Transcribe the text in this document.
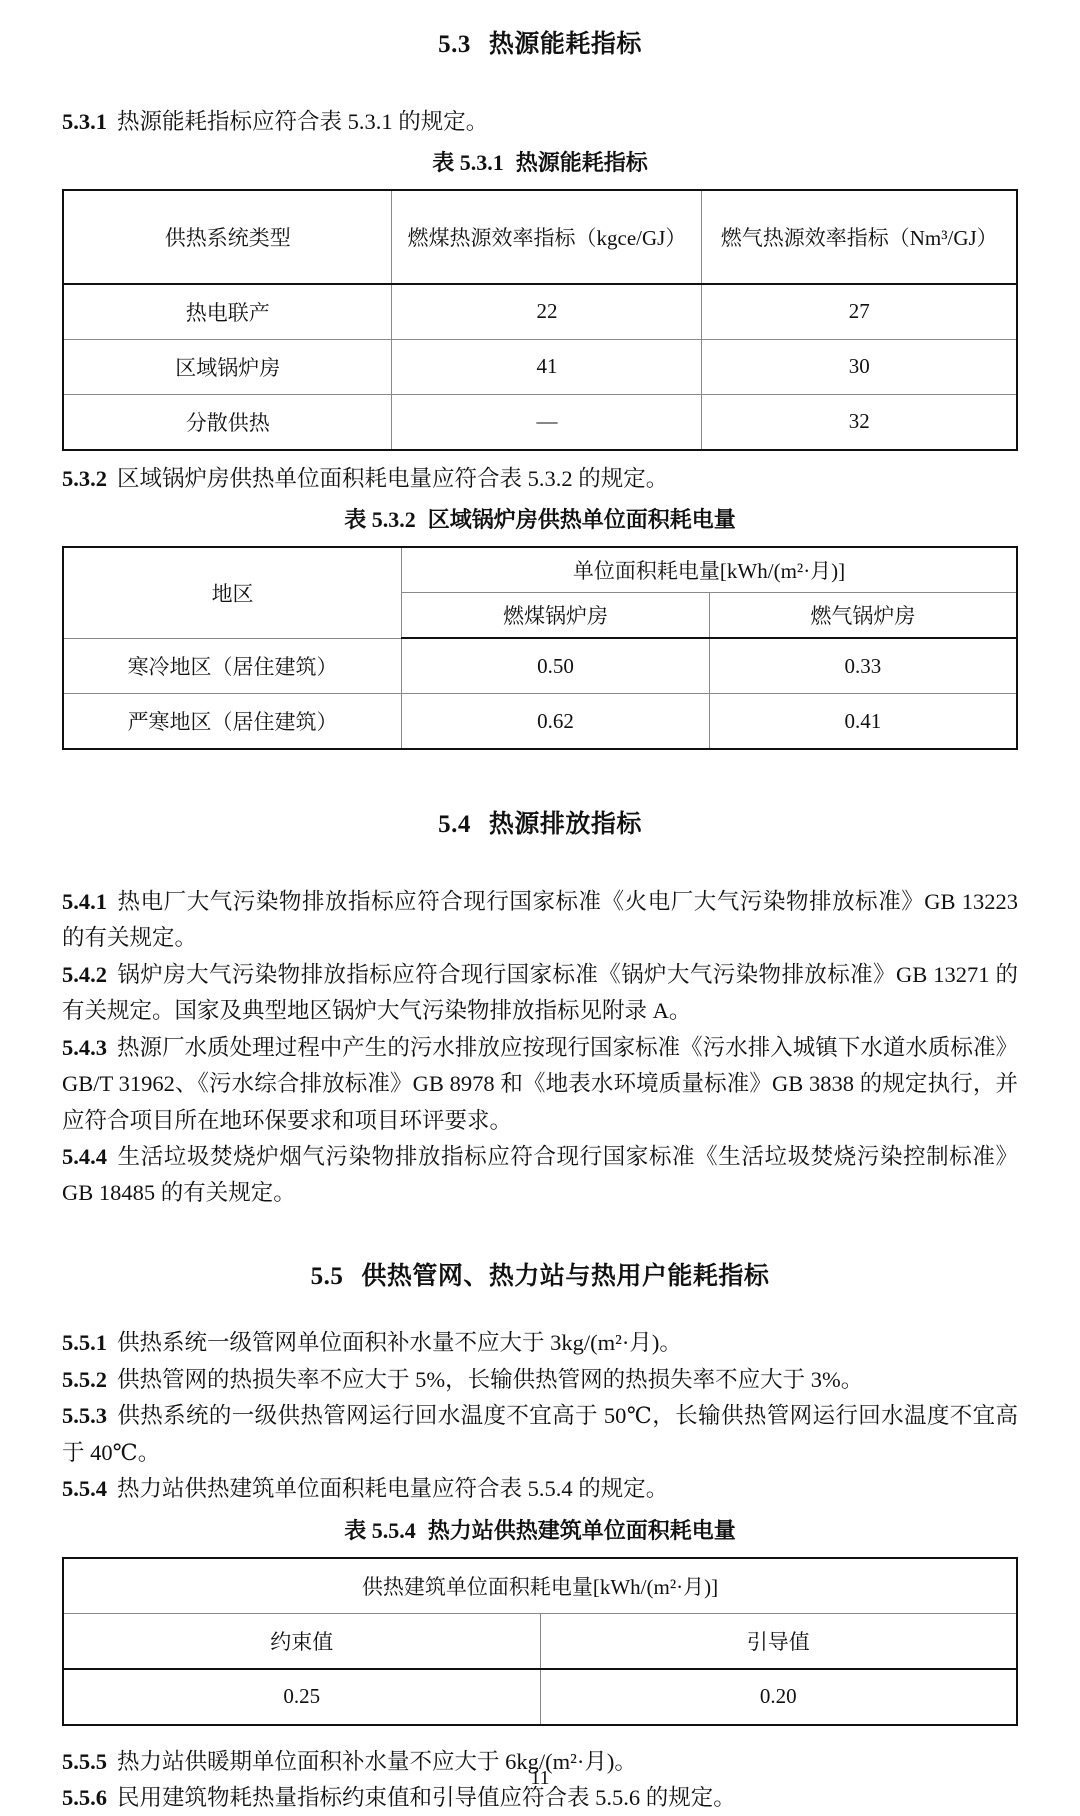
5.3 热源能耗指标

5.3.1 热源能耗指标应符合表 5.3.1 的规定。

表 5.3.1 热源能耗指标
供热系统类型	燃煤热源效率指标（kgce/GJ）	燃气热源效率指标（Nm³/GJ）
热电联产	22	27
区域锅炉房	41	30
分散供热	—	32

5.3.2 区域锅炉房供热单位面积耗电量应符合表 5.3.2 的规定。

表 5.3.2 区域锅炉房供热单位面积耗电量
地区	单位面积耗电量[kWh/(m²·月)]	
	燃煤锅炉房	燃气锅炉房
寒冷地区（居住建筑）	0.50	0.33
严寒地区（居住建筑）	0.62	0.41
5.4 热源排放指标

5.4.1 热电厂大气污染物排放指标应符合现行国家标准《火电厂大气污染物排放标准》GB 13223 的有关规定。

5.4.2 锅炉房大气污染物排放指标应符合现行国家标准《锅炉大气污染物排放标准》GB 13271 的有关规定。国家及典型地区锅炉大气污染物排放指标见附录 A。

5.4.3 热源厂水质处理过程中产生的污水排放应按现行国家标准《污水排入城镇下水道水质标准》GB/T 31962、《污水综合排放标准》GB 8978 和《地表水环境质量标准》GB 3838 的规定执行，并应符合项目所在地环保要求和项目环评要求。

5.4.4 生活垃圾焚烧炉烟气污染物排放指标应符合现行国家标准《生活垃圾焚烧污染控制标准》GB 18485 的有关规定。

5.5 供热管网、热力站与热用户能耗指标

5.5.1 供热系统一级管网单位面积补水量不应大于 3kg/(m²·月)。

5.5.2 供热管网的热损失率不应大于 5%，长输供热管网的热损失率不应大于 3%。

5.5.3 供热系统的一级供热管网运行回水温度不宜高于 50℃，长输供热管网运行回水温度不宜高于 40℃。

5.5.4 热力站供热建筑单位面积耗电量应符合表 5.5.4 的规定。

表 5.5.4 热力站供热建筑单位面积耗电量
供热建筑单位面积耗电量[kWh/(m²·月)]	
约束值	引导值
0.25	0.20

5.5.5 热力站供暖期单位面积补水量不应大于 6kg/(m²·月)。

5.5.6 民用建筑物耗热量指标约束值和引导值应符合表 5.5.6 的规定。

11
